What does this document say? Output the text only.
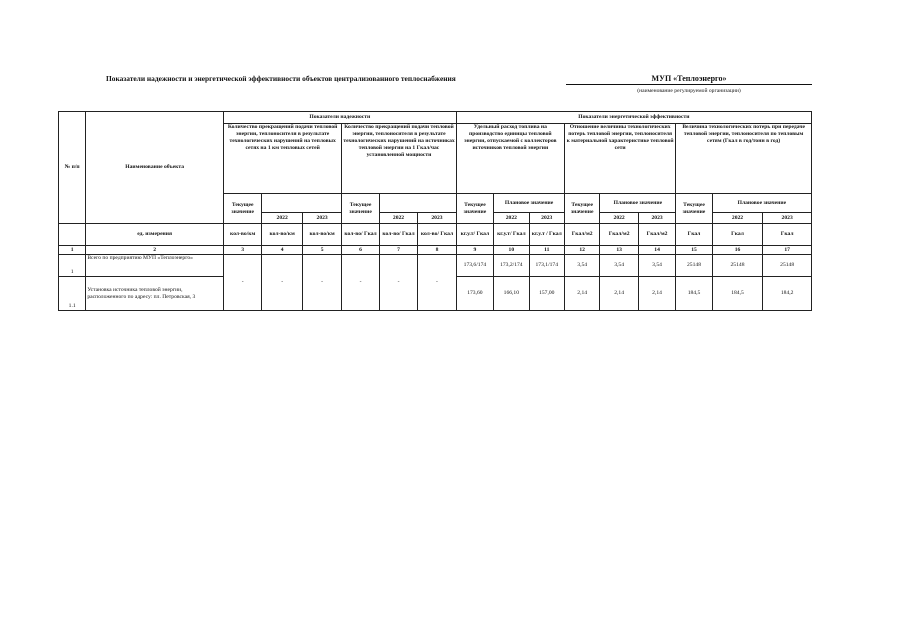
Показатели надежности и энергетической эффективности объектов централизованного теплоснабжения	МУП «Теплоэнерго»
(наименование регулируемой организации)
№ п/п	Наименование объекта	Показатели надежности						Показатели энергетической эффективности								
		Количество прекращений подачи тепловой энергии, теплоносителя в результате технологических нарушений на тепловых сетях на 1 км тепловых сетей			Количество прекращений подачи тепловой энергии, теплоносителя в результате технологических нарушений на источниках тепловой энергии на 1 Гкал/час установленной мощности			Удельный расход топлива на производство единицы тепловой энергии, отпускаемой с коллекторов источников тепловой энергии			Отношение величины технологических потерь тепловой энергии, теплоносителя к материальной характеристике тепловой сети			Величина технологических потерь при передаче тепловой энергии, теплоносителя по тепловым сетям (Гкал в год/тонн в год)		
		Текущее значение			Текущее значение			Текущее значение	Плановое значение		Текущее значение	Плановое значение		Текущее значение	Плановое значение	
			2022	2023		2022	2023		2022	2023		2022	2023		2022	2023
	ед. измерения	кол-во/км	кол-во/км	кол-во/км	кол-во/ Гкал	кол-во/ Гкал	кол-во/ Гкал	кг.у.т/ Гкал	кг.у.т/ Гкал	кг.у.т / Гкал	Гкал/м2	Гкал/м2	Гкал/м2	Гкал	Гкал	Гкал
1	2	3	4	5	6	7	8	9	10	11	12	13	14	15	16	17
1	Всего по предприятию МУП «Теплоэнерго»	-	-	-	-	-	-	173,6/174	173,2/174	173,1/174	3,54	3,54	3,54	25148	25148	25148
1.1	Установка источника тепловой энергии, расположенного по адресу: пл. Петровская, 3							173,60	166,10	157,00	2,14	2,14	2,14	184,5	184,5	184,2
